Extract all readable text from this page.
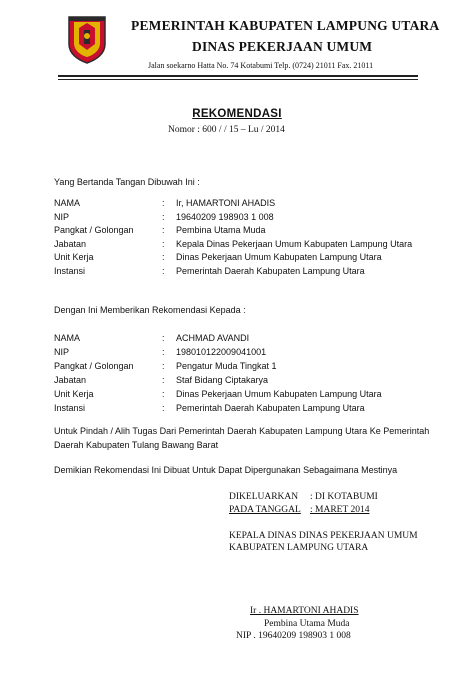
PEMERINTAH KABUPATEN LAMPUNG UTARA
DINAS PEKERJAAN UMUM
Jalan soekarno Hatta No. 74 Kotabumi Telp. (0724) 21011 Fax. 21011
REKOMENDASI
Nomor : 600 / / 15 – Lu / 2014
Yang Bertanda Tangan Dibuwah Ini :
NAMA	: Ir, HAMARTONI AHADIS
NIP	: 19640209 198903 1 008
Pangkat / Golongan	: Pembina Utama Muda
Jabatan	: Kepala Dinas Pekerjaan Umum Kabupaten Lampung Utara
Unit Kerja	: Dinas Pekerjaan Umum Kabupaten Lampung Utara
Instansi	: Pemerintah Daerah Kabupaten Lampung Utara
Dengan Ini Memberikan Rekomendasi Kepada :
NAMA	: ACHMAD AVANDI
NIP	: 198010122009041001
Pangkat / Golongan	: Pengatur Muda Tingkat 1
Jabatan	: Staf Bidang Ciptakarya
Unit Kerja	: Dinas Pekerjaan Umum Kabupaten Lampung Utara
Instansi	: Pemerintah Daerah Kabupaten Lampung Utara
Untuk Pindah / Alih Tugas Dari Pemerintah Daerah Kabupaten Lampung Utara Ke Pemerintah
Daerah Kabupaten Tulang Bawang Barat
Demikian Rekomendasi Ini Dibuat Untuk Dapat Dipergunakan Sebagaimana Mestinya
DIKELUARKAN : DI KOTABUMI
PADA TANGGAL : MARET 2014
KEPALA DINAS DINAS PEKERJAAN UMUM
KABUPATEN LAMPUNG UTARA
Ir . HAMARTONI AHADIS
Pembina Utama Muda
NIP . 19640209 198903 1 008
